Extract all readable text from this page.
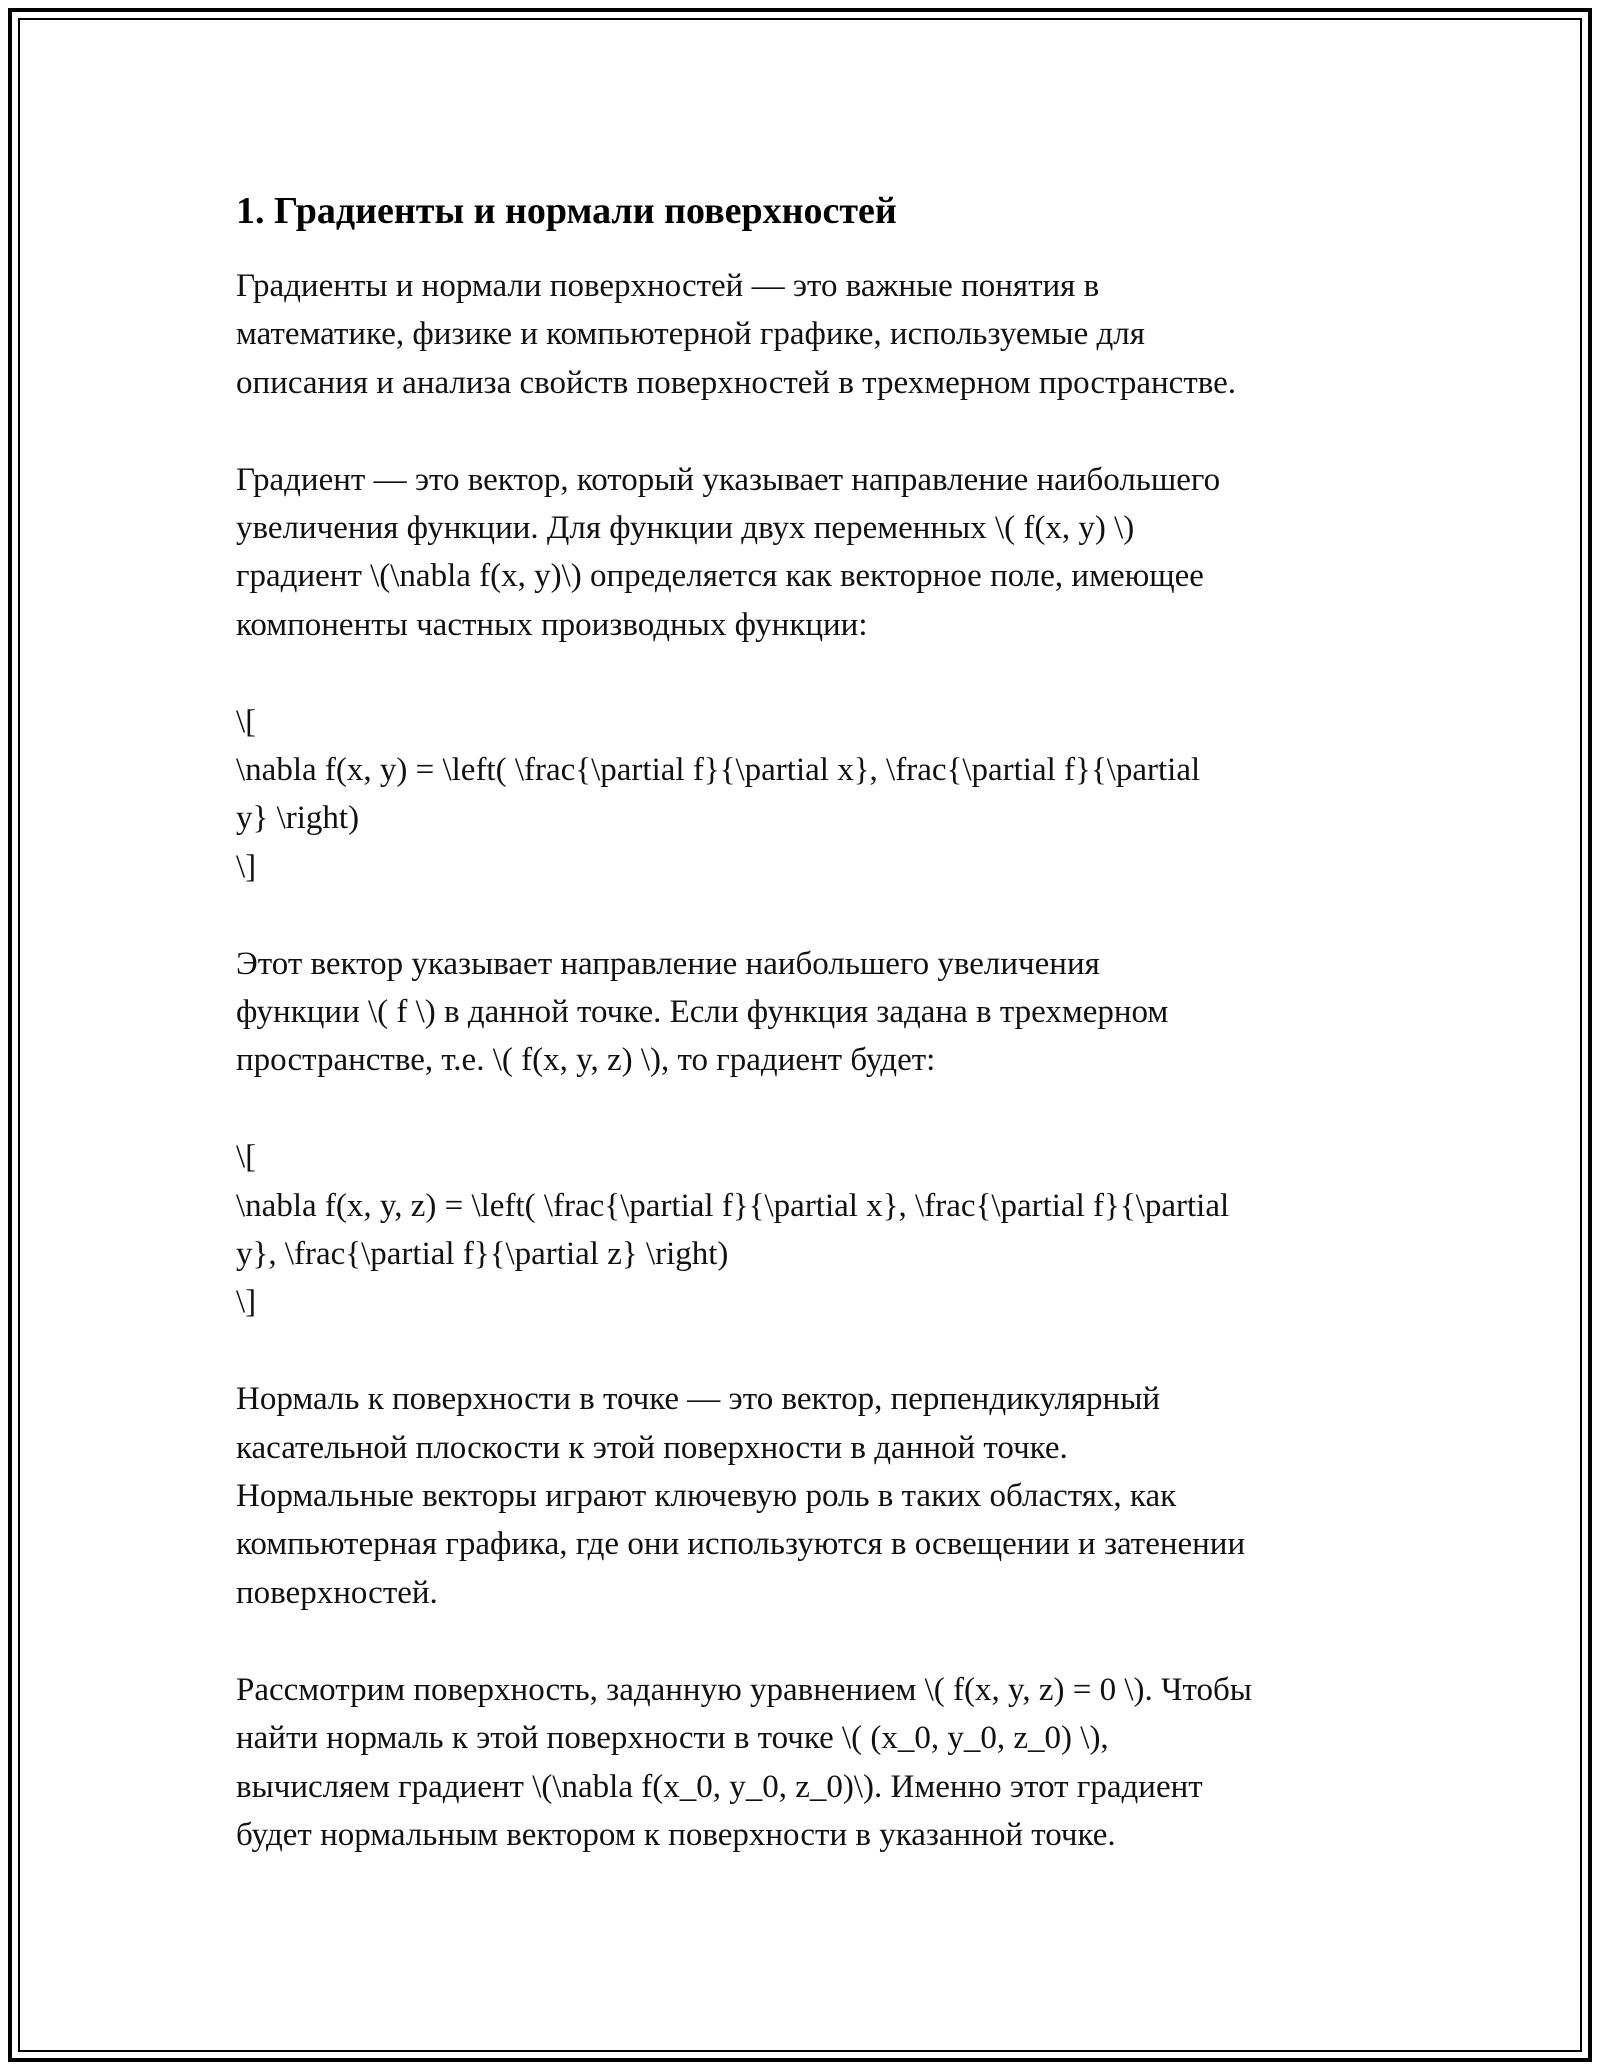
1. Градиенты и нормали поверхностей

Градиенты и нормали поверхностей — это важные понятия в
математике, физике и компьютерной графике, используемые для
описания и анализа свойств поверхностей в трехмерном пространстве.

Градиент — это вектор, который указывает направление наибольшего
увеличения функции. Для функции двух переменных \( f(x, y) \)
градиент \(\nabla f(x, y)\) определяется как векторное поле, имеющее
компоненты частных производных функции:

\[
\nabla f(x, y) = \left( \frac{\partial f}{\partial x}, \frac{\partial f}{\partial
y} \right)
\]

Этот вектор указывает направление наибольшего увеличения
функции \( f \) в данной точке. Если функция задана в трехмерном
пространстве, т.е. \( f(x, y, z) \), то градиент будет:

\[
\nabla f(x, y, z) = \left( \frac{\partial f}{\partial x}, \frac{\partial f}{\partial
y}, \frac{\partial f}{\partial z} \right)
\]

Нормаль к поверхности в точке — это вектор, перпендикулярный
касательной плоскости к этой поверхности в данной точке.
Нормальные векторы играют ключевую роль в таких областях, как
компьютерная графика, где они используются в освещении и затенении
поверхностей.

Рассмотрим поверхность, заданную уравнением \( f(x, y, z) = 0 \). Чтобы
найти нормаль к этой поверхности в точке \( (x_0, y_0, z_0) \),
вычисляем градиент \(\nabla f(x_0, y_0, z_0)\). Именно этот градиент
будет нормальным вектором к поверхности в указанной точке.
